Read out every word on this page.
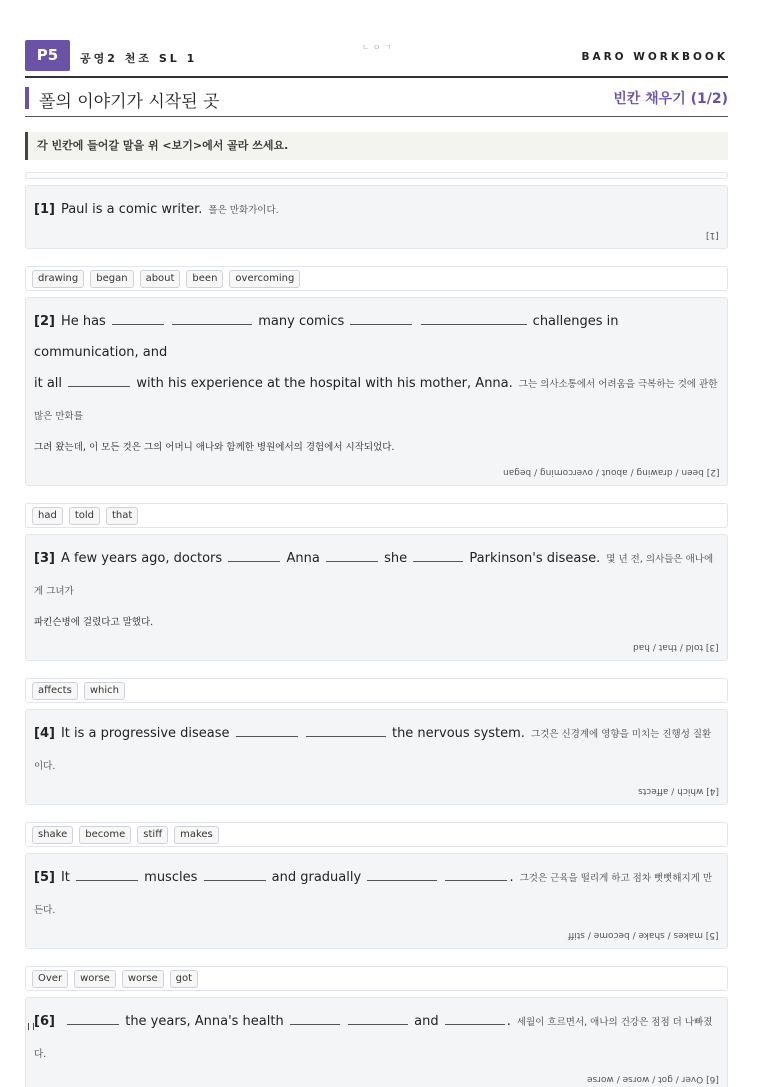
P5	공영2 천조 SL 1
ㄴㅇㄱ
BARO WORKBOOK
폴의 이야기가 시작된 곳	빈칸 채우기 (1/2)
각 빈칸에 들어갈 말을 위 <보기>에서 골라 쓰세요.
[1] Paul is a comic writer. 폴은 만화가이다.
[1]
drawing	began	about	been	overcoming
[2] He has	many comics	challenges in communication, and
it all	with his experience at the hospital with his mother, Anna. 그는 의사소통에서 어려움을 극복하는 것에 관한 많은 만화를
그려 왔는데, 이 모든 것은 그의 어머니 애나와 함께한 병원에서의 경험에서 시작되었다.
[2] been / drawing / about / overcoming / began
had	told	that
[3] A few years ago, doctors	Anna	she	Parkinson's disease. 몇 년 전, 의사들은 애나에게 그녀가
파킨슨병에 걸렸다고 말했다.
[3] told / that / had
affects	which
[4] It is a progressive disease	the nervous system. 그것은 신경계에 영향을 미치는 진행성 질환이다.
[4] which / affects
shake	become	stiff	makes
[5] It	muscles	and gradually	. 그것은 근육을 떨리게 하고 점차 뻣뻣해지게 만든다.
[5] makes / shake / become / stiff
Over	worse	worse	got
[6]	the years, Anna's health	and	. 세월이 흐르면서, 애나의 건강은 점점 더 나빠졌다.
[6] Over / got / worse / worse
II
